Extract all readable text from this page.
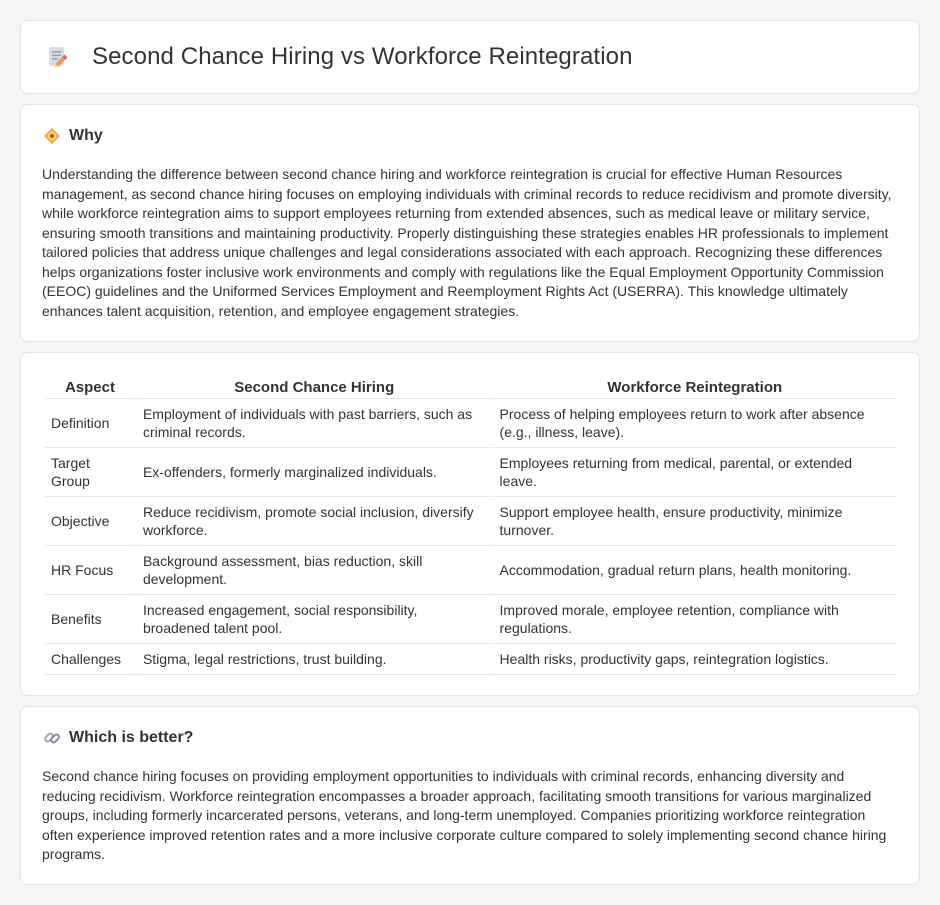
Second Chance Hiring vs Workforce Reintegration
Why

Understanding the difference between second chance hiring and workforce reintegration is crucial for effective Human Resources management, as second chance hiring focuses on employing individuals with criminal records to reduce recidivism and promote diversity, while workforce reintegration aims to support employees returning from extended absences, such as medical leave or military service, ensuring smooth transitions and maintaining productivity. Properly distinguishing these strategies enables HR professionals to implement tailored policies that address unique challenges and legal considerations associated with each approach. Recognizing these differences helps organizations foster inclusive work environments and comply with regulations like the Equal Employment Opportunity Commission (EEOC) guidelines and the Uniformed Services Employment and Reemployment Rights Act (USERRA). This knowledge ultimately enhances talent acquisition, retention, and employee engagement strategies.

Aspect	Second Chance Hiring	Workforce Reintegration
Definition	Employment of individuals with past barriers, such as criminal records.	Process of helping employees return to work after absence (e.g., illness, leave).
Target Group	Ex-offenders, formerly marginalized individuals.	Employees returning from medical, parental, or extended leave.
Objective	Reduce recidivism, promote social inclusion, diversify workforce.	Support employee health, ensure productivity, minimize turnover.
HR Focus	Background assessment, bias reduction, skill development.	Accommodation, gradual return plans, health monitoring.
Benefits	Increased engagement, social responsibility, broadened talent pool.	Improved morale, employee retention, compliance with regulations.
Challenges	Stigma, legal restrictions, trust building.	Health risks, productivity gaps, reintegration logistics.
Which is better?

Second chance hiring focuses on providing employment opportunities to individuals with criminal records, enhancing diversity and reducing recidivism. Workforce reintegration encompasses a broader approach, facilitating smooth transitions for various marginalized groups, including formerly incarcerated persons, veterans, and long-term unemployed. Companies prioritizing workforce reintegration often experience improved retention rates and a more inclusive corporate culture compared to solely implementing second chance hiring programs.
